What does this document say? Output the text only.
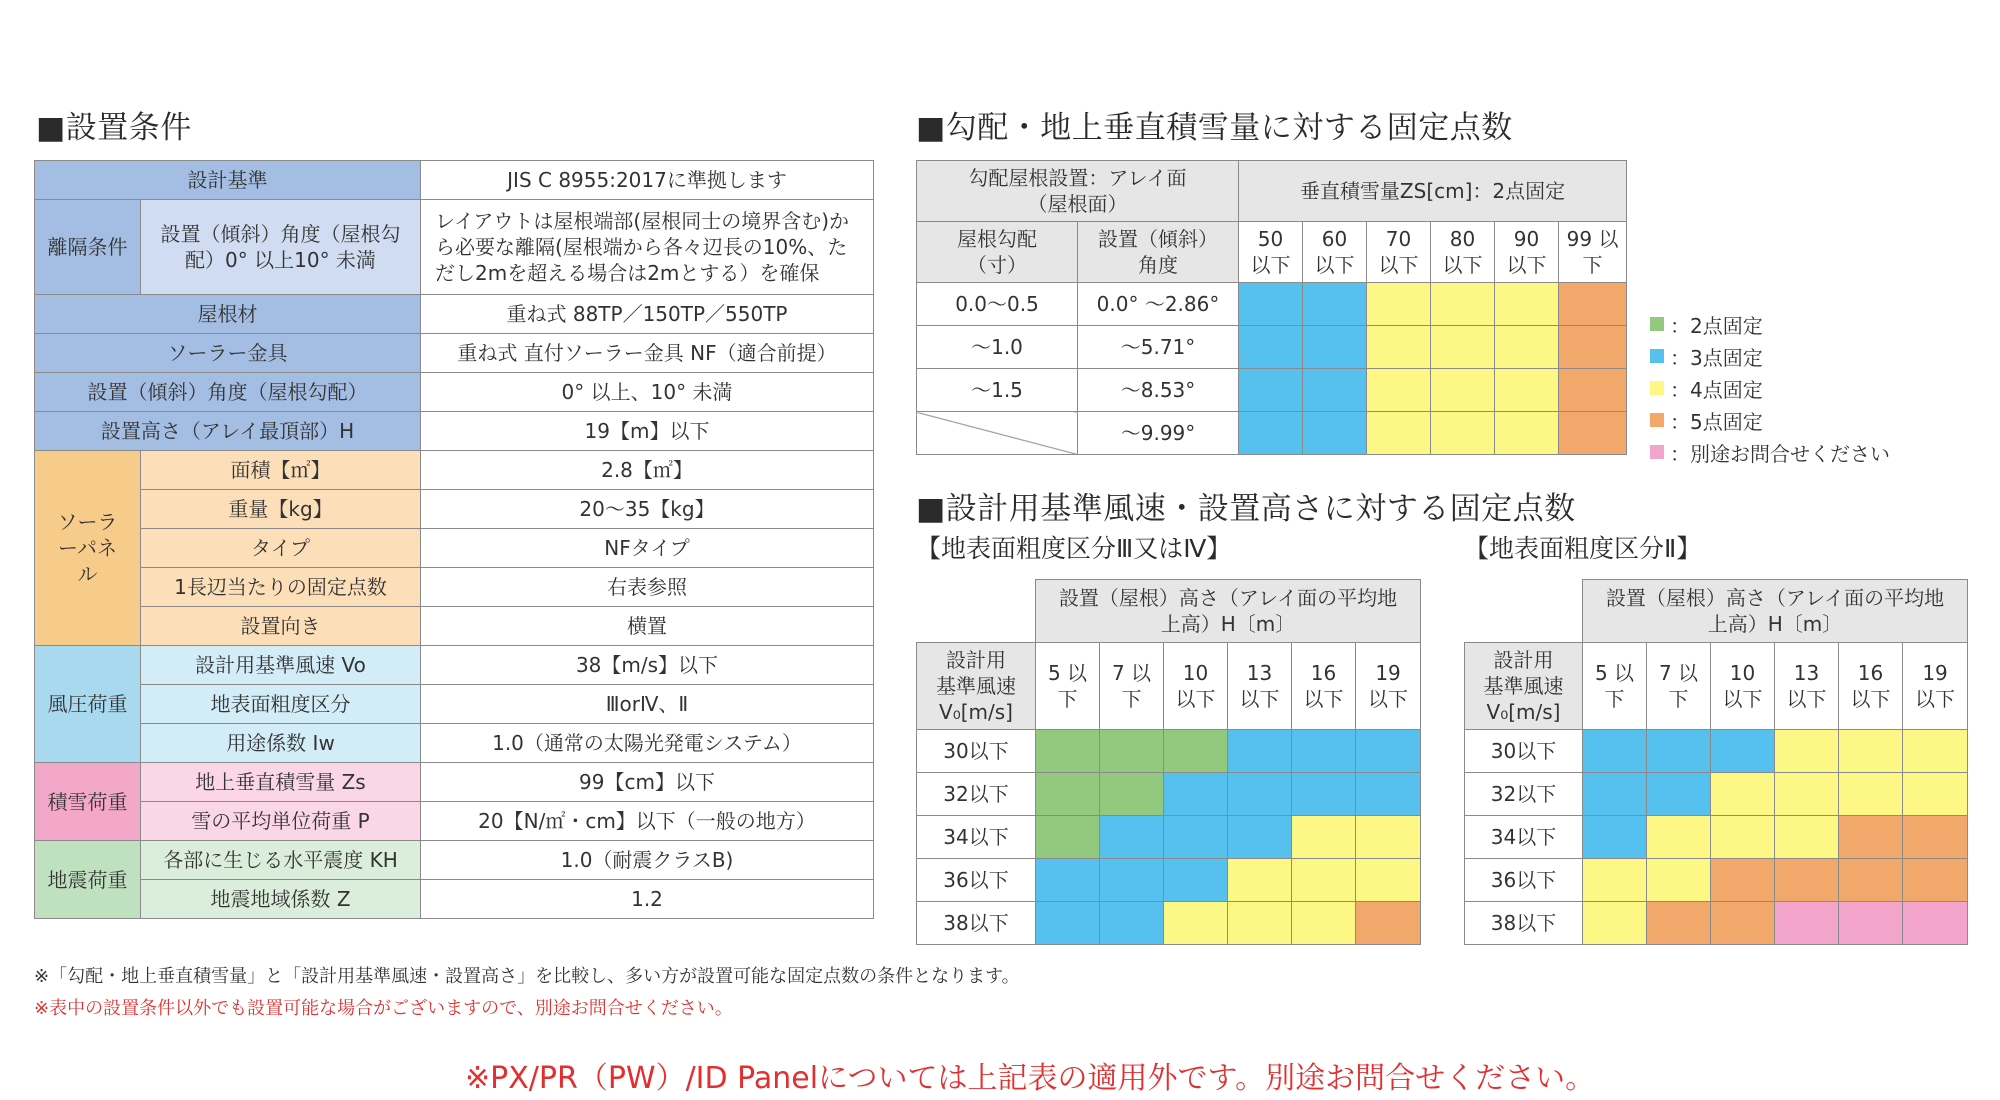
■設置条件	■勾配・地上垂直積雪量に対する固定点数
■設計用基準風速・設置高さに対する固定点数
【地表面粗度区分Ⅲ又はⅣ】	【地表面粗度区分Ⅱ】
設計基準		JIS C 8955:2017に準拠します
離隔条件	設置（傾斜）角度（屋根勾配）0° 以上10° 未満	レイアウトは屋根端部(屋根同士の境界含む)から必要な離隔(屋根端から各々辺長の10%、ただし2mを超える場合は2mとする）を確保
屋根材		重ね式 88TP／150TP／550TP
ソーラー金具		重ね式 直付ソーラー金具 NF（適合前提）
設置（傾斜）角度（屋根勾配）		0° 以上、10° 未満
設置高さ（アレイ最頂部）H		19【m】以下
ソーラーパネル	面積【㎡】	2.8【㎡】
	重量【kg】	20〜35【kg】
	タイプ	NFタイプ
	1長辺当たりの固定点数	右表参照
	設置向き	横置
風圧荷重	設計用基準風速 Vo	38【m/s】以下
	地表面粗度区分	ⅢorⅣ、Ⅱ
	用途係数 Iw	1.0（通常の太陽光発電システム）
積雪荷重	地上垂直積雪量 Zs	99【cm】以下
	雪の平均単位荷重 P	20【N/㎡・cm】以下（一般の地方）
地震荷重	各部に生じる水平震度 KH	1.0（耐震クラスB)
	地震地域係数 Z	1.2
勾配屋根設置：アレイ面（屋根面）		垂直積雪量ZS[cm]：2点固定					
屋根勾配（寸）	設置（傾斜）角度	50 以下	60 以下	70 以下	80 以下	90 以下	99 以下
0.0〜0.5	0.0° 〜2.86°						
〜1.0	〜5.71°						
〜1.5	〜8.53°						
	〜9.99°						
：2点固定
：3点固定
：4点固定
：5点固定
：別途お問合せください
	設置（屋根）高さ（アレイ面の平均地上高）H〔m〕					
設計用 基準風速 V₀[m/s]	5 以下	7 以下	10 以下	13 以下	16 以下	19 以下
30以下						
32以下						
34以下						
36以下						
38以下						
	設置（屋根）高さ（アレイ面の平均地上高）H〔m〕					
設計用 基準風速 V₀[m/s]	5 以下	7 以下	10 以下	13 以下	16 以下	19 以下
30以下						
32以下						
34以下						
36以下						
38以下						
※「勾配・地上垂直積雪量」と「設計用基準風速・設置高さ」を比較し、多い方が設置可能な固定点数の条件となります。
※表中の設置条件以外でも設置可能な場合がございますので、別途お問合せください。
※PX/PR（PW）/ID Panelについては上記表の適用外です。別途お問合せください。
